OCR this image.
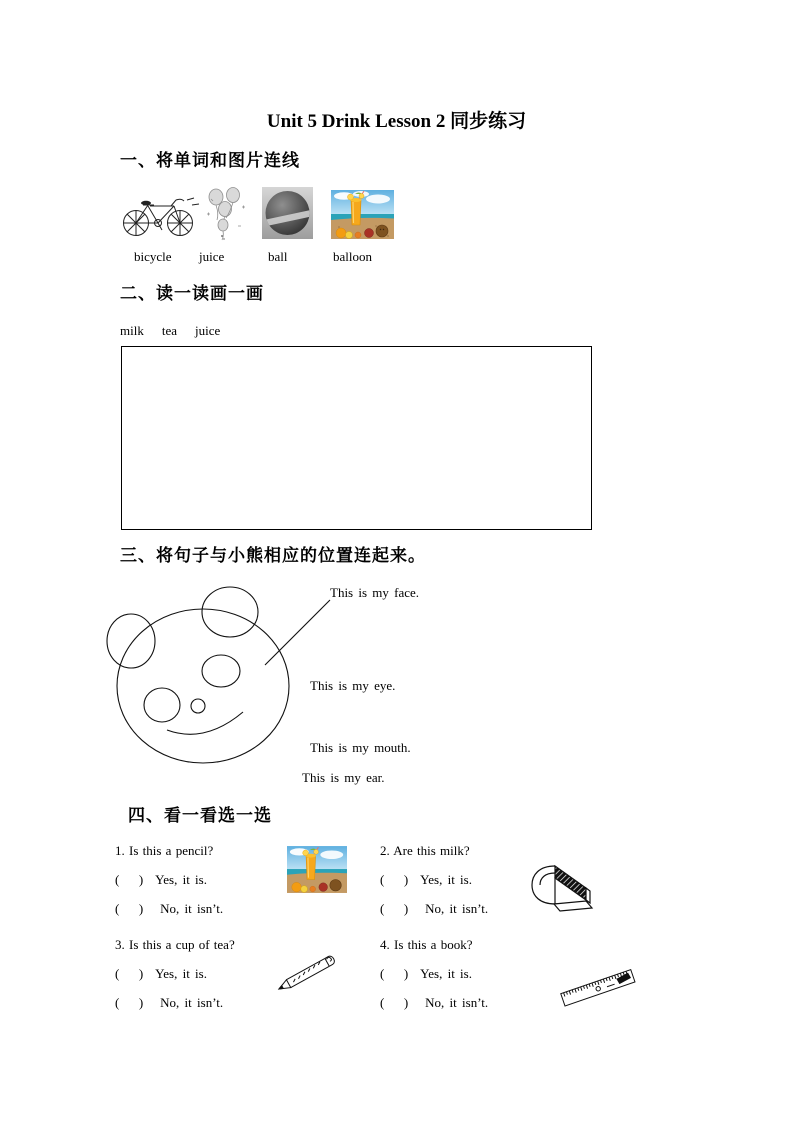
Unit 5 Drink Lesson 2 同步练习
一、将单词和图片连线
bicycle juice	ball	balloon
二、读一读画一画
milk tea juice
三、将句子与小熊相应的位置连起来。
This is my face.
This is my eye.
This is my mouth.
This is my ear.
四、看一看选一选

1. Is this a pencil?

(      ) Yes, it is.
(      ) No, it isn’t.

2. Are this milk?

(      ) Yes, it is.
(      ) No, it isn’t.

3. Is this a cup of tea?

(      ) Yes, it is.
(      ) No, it isn’t.

4. Is this a book?

(      ) Yes, it is.
(      ) No, it isn’t.
